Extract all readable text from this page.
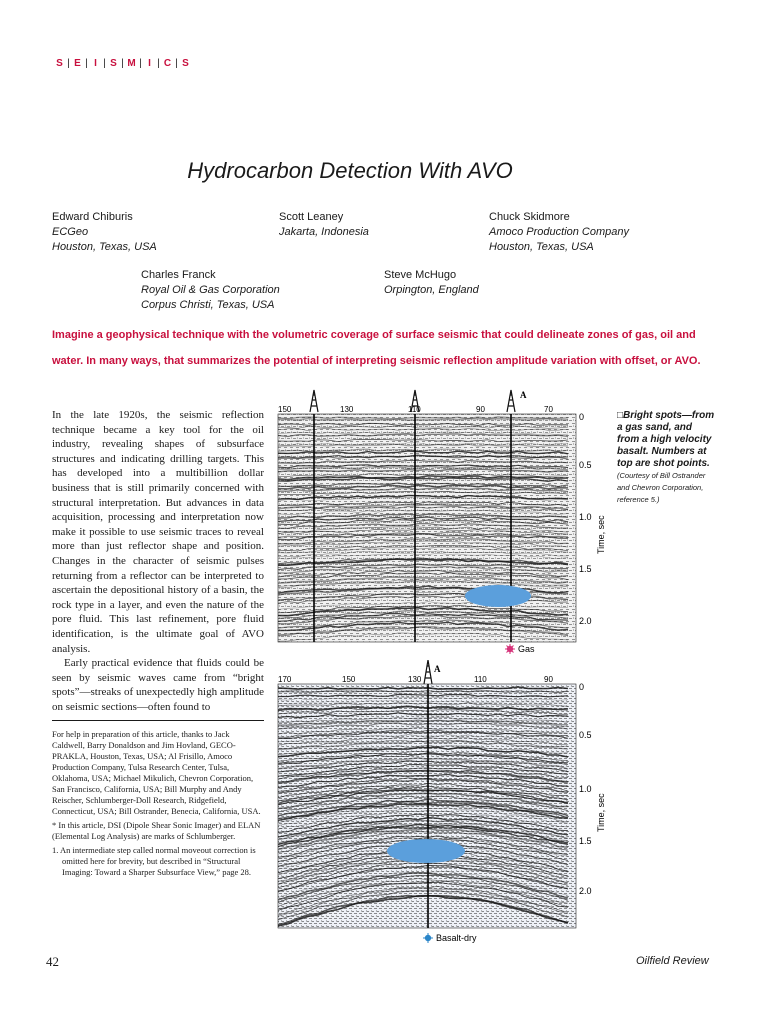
S | E | I | S | M | I | C | S
Hydrocarbon Detection With AVO
Edward Chiburis
ECGeo
Houston, Texas, USA
Scott Leaney
Jakarta, Indonesia
Chuck Skidmore
Amoco Production Company
Houston, Texas, USA
Charles Franck
Royal Oil & Gas Corporation
Corpus Christi, Texas, USA
Steve McHugo
Orpington, England
Imagine a geophysical technique with the volumetric coverage of surface seismic that could delineate zones of gas, oil and water. In many ways, that summarizes the potential of interpreting seismic reflection amplitude variation with offset, or AVO.

In the late 1920s, the seismic reflection technique became a key tool for the oil industry, revealing shapes of subsurface structures and indicating drilling targets. This has developed into a multibillion dollar business that is still primarily concerned with structural interpretation. But advances in data acquisition, processing and interpretation now make it possible to use seismic traces to reveal more than just reflector shape and position. Changes in the character of seismic pulses returning from a reflector can be interpreted to ascertain the depositional history of a basin, the rock type in a layer, and even the nature of the pore fluid. This last refinement, pore fluid identification, is the ultimate goal of AVO analysis.

Early practical evidence that fluids could be seen by seismic waves came from “bright spots”—streaks of unexpectedly high amplitude on seismic sections—often found to

For help in preparation of this article, thanks to Jack Caldwell, Barry Donaldson and Jim Hovland, GECO-PRAKLA, Houston, Texas, USA; Al Frisillo, Amoco Production Company, Tulsa Research Center, Tulsa, Oklahoma, USA; Michael Mikulich, Chevron Corporation, San Francisco, California, USA; Bill Murphy and Andy Reischer, Schlumberger-Doll Research, Ridgefield, Connecticut, USA; Bill Ostrander, Benecia, California, USA.

* In this article, DSI (Dipole Shear Sonic Imager) and ELAN (Elemental Log Analysis) are marks of Schlumberger.

1. An intermediate step called normal moveout correction is omitted here for brevity, but described in “Structural Imaging: Toward a Sharper Subsurface View,” page 28.

□Bright spots—from a gas sand, and from a high velocity basalt. Numbers at top are shot points. (Courtesy of Bill Ostrander and Chevron Corporation, reference 5.)
150	130	110	90	70
A
0
0.5
1.0
1.5
2.0
Time, sec
Gas
170	150	130	110	90
A
0
0.5
1.0
1.5
2.0
Time, sec
Basalt-dry
42	Oilfield Review
